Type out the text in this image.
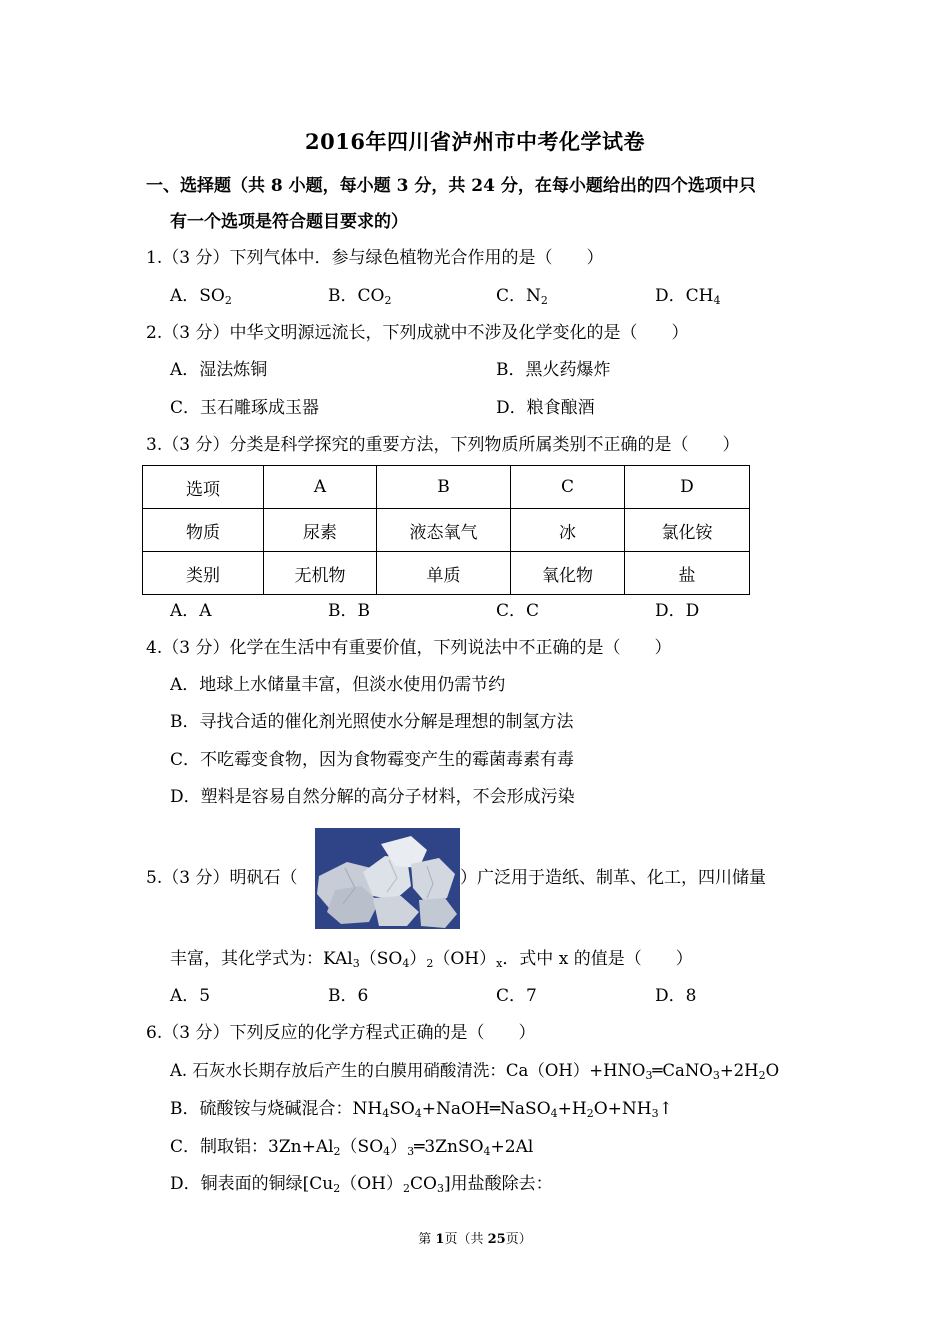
2016年四川省泸州市中考化学试卷
一、选择题（共 8 小题，每小题 3 分，共 24 分，在每小题给出的四个选项中只
有一个选项是符合题目要求的）
1.（3 分）下列气体中．参与绿色植物光合作用的是（　　）
A．$SO_2$	B．$CO_2$	C．$N_2$	D．$CH_4$
2.（3 分）中华文明源远流长，下列成就中不涉及化学变化的是（　　）
A．湿法炼铜	B．黑火药爆炸
C．玉石雕琢成玉器	D．粮食酿酒
3.（3 分）分类是科学探究的重要方法，下列物质所属类别不正确的是（　　）
选项	A	B	C	D
物质	尿素	液态氧气	冰	氯化铵
类别	无机物	单质	氧化物	盐
A．A	B．B	C．C	D．D
4.（3 分）化学在生活中有重要价值，下列说法中不正确的是（　　）
A．地球上水储量丰富，但淡水使用仍需节约
B．寻找合适的催化剂光照使水分解是理想的制氢方法
C．不吃霉变食物，因为食物霉变产生的霉菌毒素有毒
D．塑料是容易自然分解的高分子材料，不会形成污染
5.（3 分）明矾石（	）广泛用于造纸、制革、化工，四川储量
丰富，其化学式为：$KAl_3(SO_4)_2(OH)_x$．式中 x 的值是（　　）
A．5	B．6	C．7	D．8
6.（3 分）下列反应的化学方程式正确的是（　　）
A. 石灰水长期存放后产生的白膜用硝酸清洗：$Ca(OH)+HNO_3═CaNO_3+2H_2O$
B．硫酸铵与烧碱混合：$NH_4SO_4+NaOH═NaSO_4+H_2O+NH_3↑$
C．制取铝：$3Zn+Al_2(SO_4)_3═3ZnSO_4+2Al$
D．铜表面的铜绿$[Cu_2(OH)_2CO_3]$用盐酸除去：
第 1页（共 25页）
